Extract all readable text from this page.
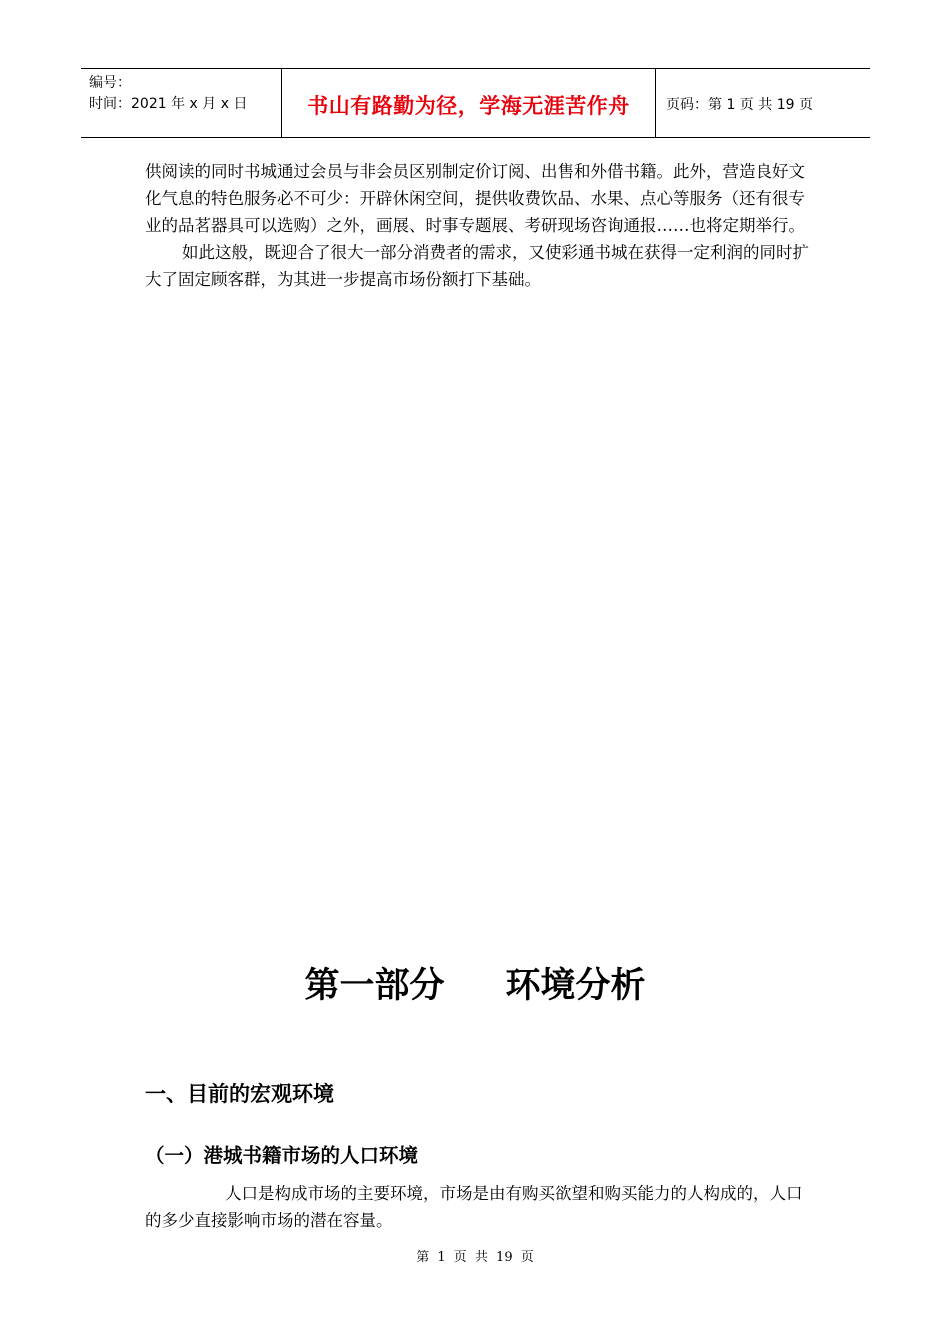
编号：
时间：2021 年 x 月 x 日	书山有路勤为径，学海无涯苦作舟	页码：第 1 页 共 19 页

供阅读的同时书城通过会员与非会员区别制定价订阅、出售和外借书籍。此外，营造良好文化气息的特色服务必不可少：开辟休闲空间，提供收费饮品、水果、点心等服务（还有很专业的品茗器具可以选购）之外，画展、时事专题展、考研现场咨询通报……也将定期举行。

如此这般，既迎合了很大一部分消费者的需求，又使彩通书城在获得一定利润的同时扩大了固定顾客群，为其进一步提高市场份额打下基础。

第一部分     环境分析
一、目前的宏观环境
（一）港城书籍市场的人口环境

人口是构成市场的主要环境，市场是由有购买欲望和购买能力的人构成的，人口的多少直接影响市场的潜在容量。

第 1 页 共 19 页
